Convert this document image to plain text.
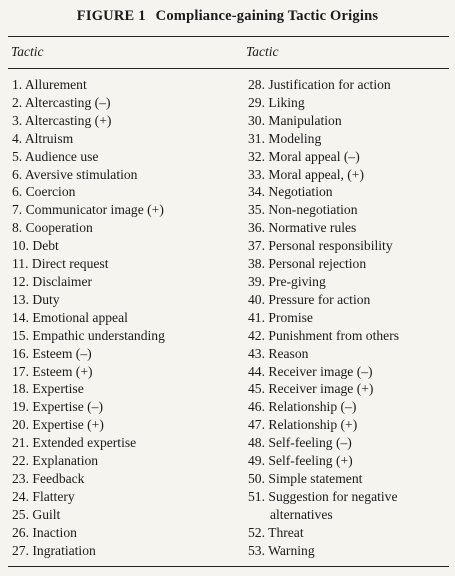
FIGURE 1 Compliance-gaining Tactic Origins
Tactic	Tactic
1. Allurement
2. Altercasting (–)
3. Altercasting (+)
4. Altruism
5. Audience use
6. Aversive stimulation
6. Coercion
7. Communicator image (+)
8. Cooperation
10. Debt
11. Direct request
12. Disclaimer
13. Duty
14. Emotional appeal
15. Empathic understanding
16. Esteem (–)
17. Esteem (+)
18. Expertise
19. Expertise (–)
20. Expertise (+)
21. Extended expertise
22. Explanation
23. Feedback
24. Flattery
25. Guilt
26. Inaction
27. Ingratiation
28. Justification for action
29. Liking
30. Manipulation
31. Modeling
32. Moral appeal (–)
33. Moral appeal, (+)
34. Negotiation
35. Non-negotiation
36. Normative rules
37. Personal responsibility
38. Personal rejection
39. Pre-giving
40. Pressure for action
41. Promise
42. Punishment from others
43. Reason
44. Receiver image (–)
45. Receiver image (+)
46. Relationship (–)
47. Relationship (+)
48. Self-feeling (–)
49. Self-feeling (+)
50. Simple statement
51. Suggestion for negative
alternatives
52. Threat
53. Warning
